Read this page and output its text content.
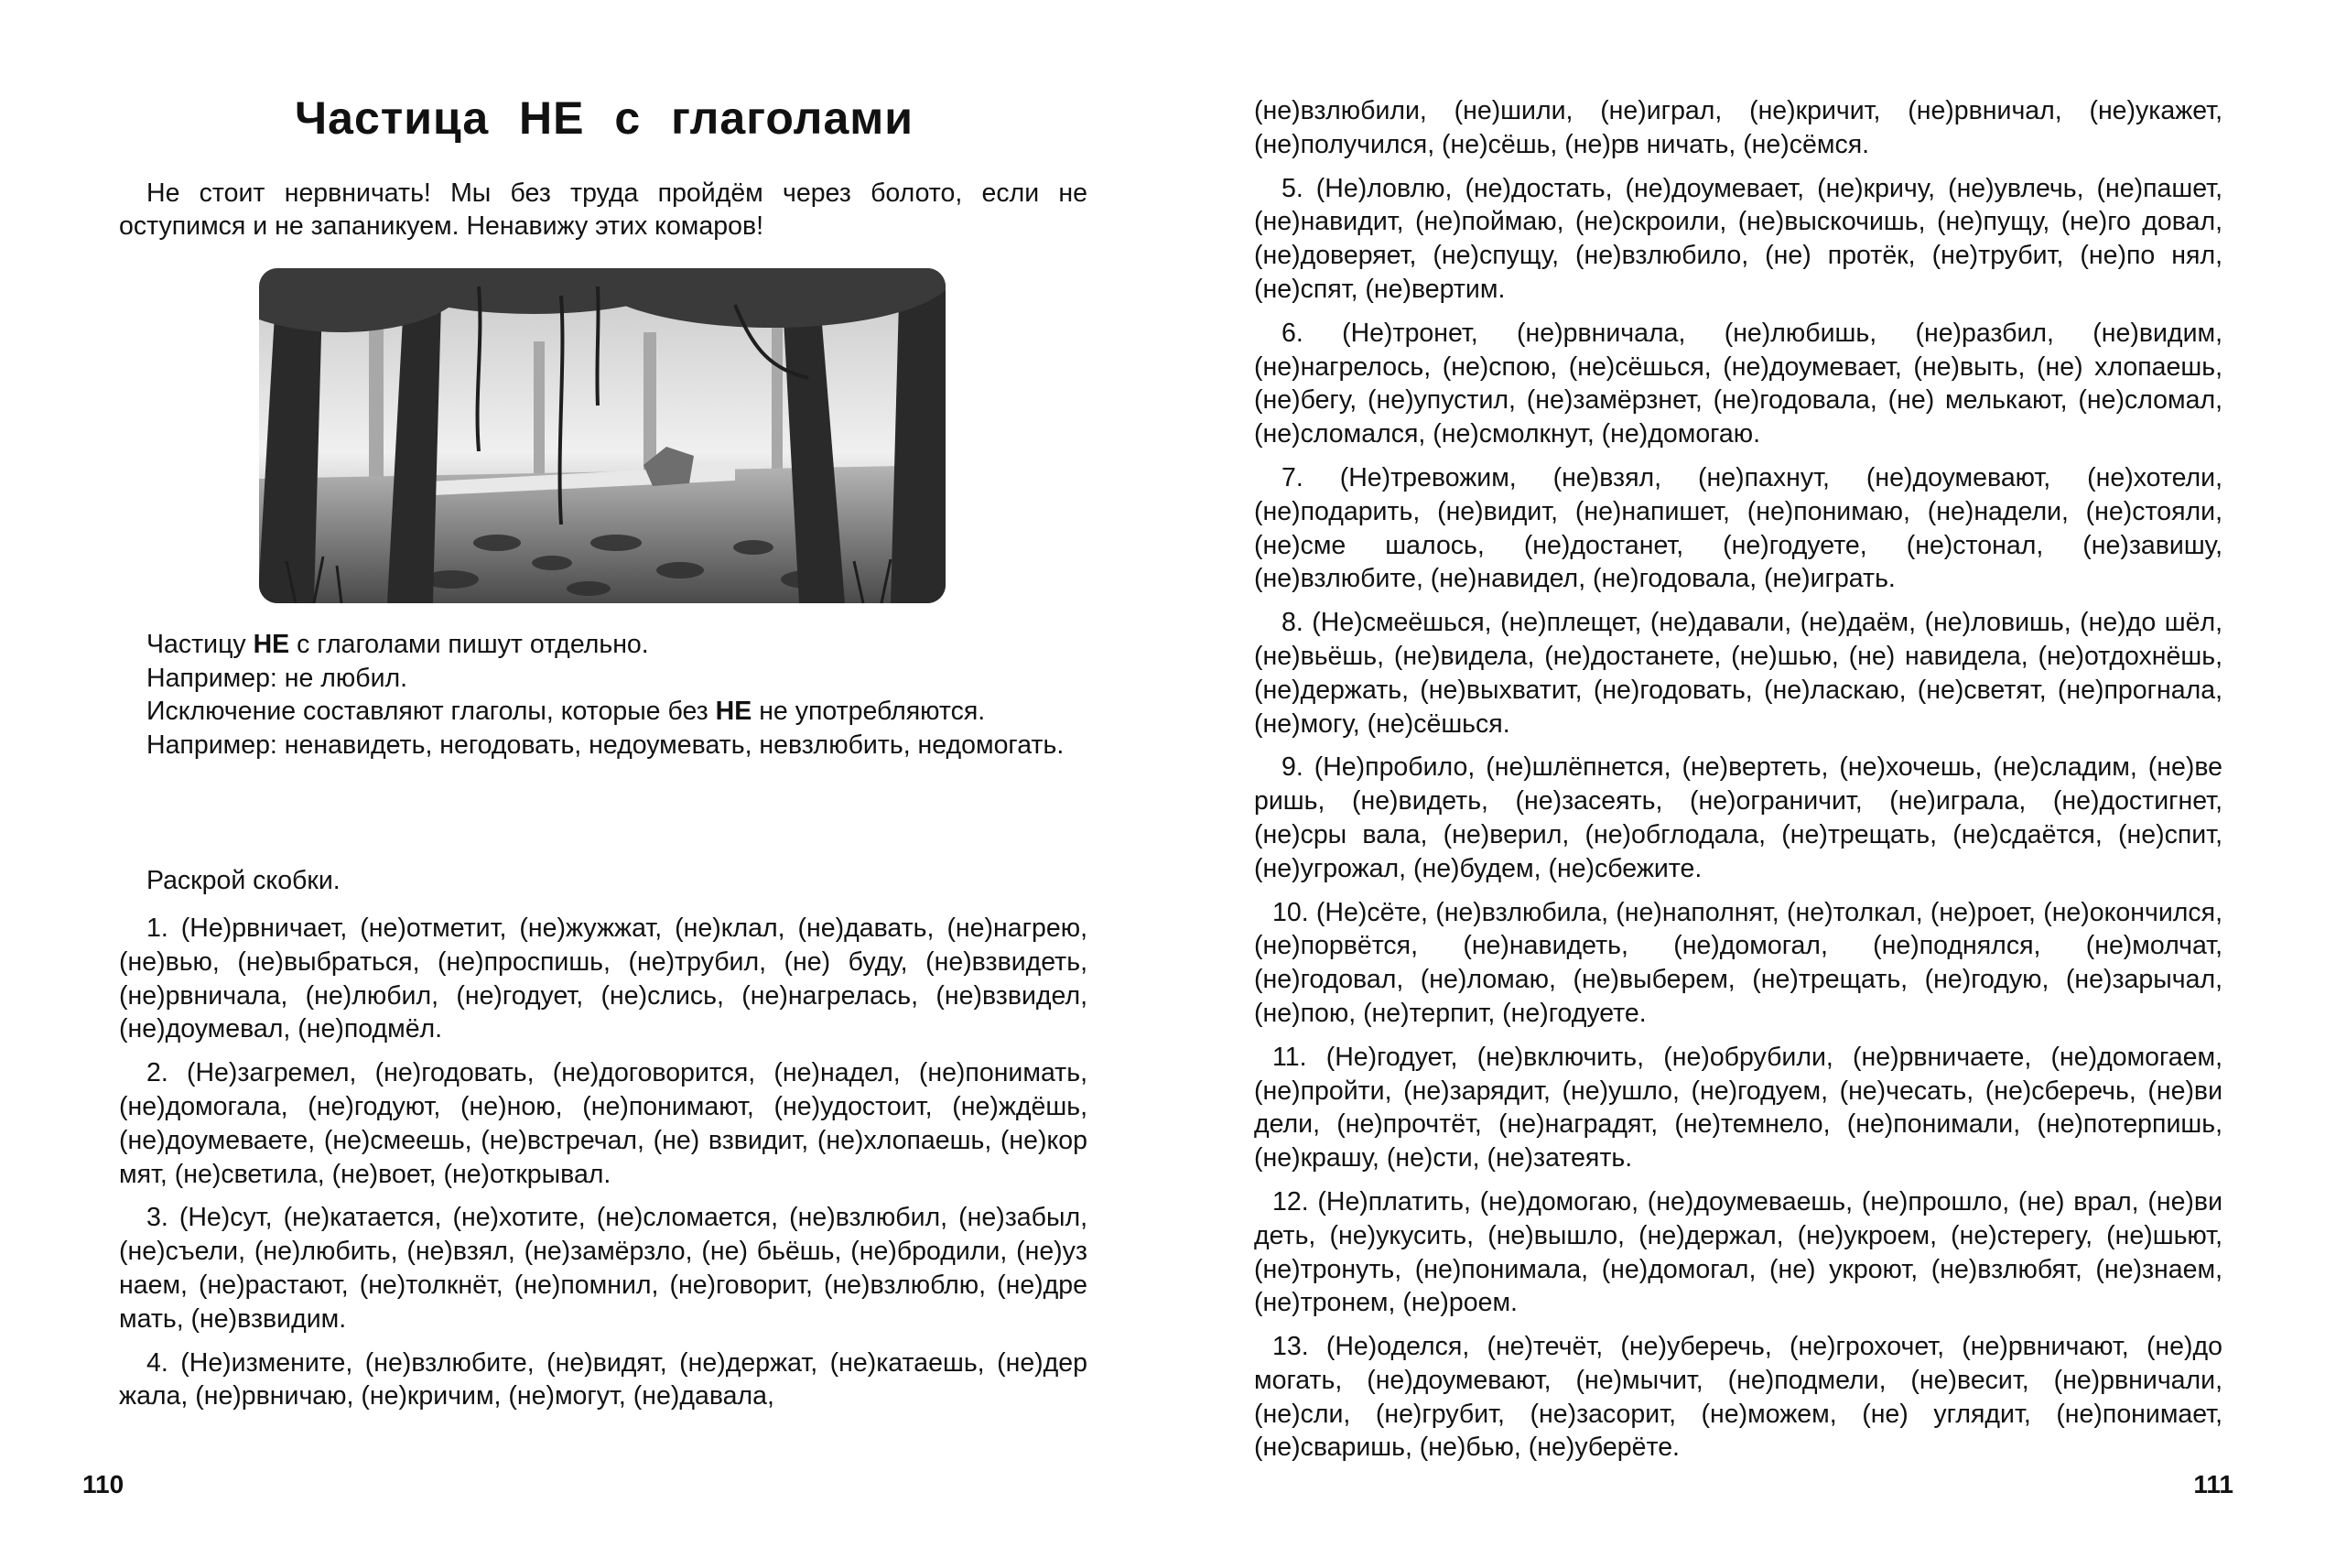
Частица НЕ с глаголами

Не стоит нервничать! Мы без труда пройдём через болото, если не оступимся и не запаникуем. Ненавижу этих комаров!

Частицу НЕ с глаголами пишут отдельно.

Например: не любил.

Исключение составляют глаголы, которые без НЕ не употребляются.

Например: ненавидеть, негодовать, недоумевать, невзлюбить, недомогать.

Раскрой скобки.

1. (Не)рвничает, (не)отметит, (не)жужжат, (не)клал, (не)давать, (не)нагрею, (не)вью, (не)выбраться, (не)проспишь, (не)трубил, (не) буду, (не)взвидеть, (не)рвничала, (не)любил, (не)годует, (не)слись, (не)нагрелась, (не)взвидел, (не)доумевал, (не)подмёл.

2. (Не)загремел, (не)годовать, (не)договорится, (не)надел, (не)понимать, (не)домогала, (не)годуют, (не)ною, (не)понимают, (не)удостоит, (не)ждёшь, (не)доумеваете, (не)смеешь, (не)встречал, (не) взвидит, (не)хлопаешь, (не)кор мят, (не)светила, (не)воет, (не)открывал.

3. (Не)сут, (не)катается, (не)хотите, (не)сломается, (не)взлюбил, (не)забыл, (не)съели, (не)любить, (не)взял, (не)замёрзло, (не) бьёшь, (не)бродили, (не)уз наем, (не)растают, (не)толкнёт, (не)помнил, (не)говорит, (не)взлюблю, (не)дре мать, (не)взвидим.

4. (Не)измените, (не)взлюбите, (не)видят, (не)держат, (не)катаешь, (не)дер жала, (не)рвничаю, (не)кричим, (не)могут, (не)давала,

110

(не)взлюбили, (не)шили, (не)играл, (не)кричит, (не)рвничал, (не)укажет, (не)получился, (не)сёшь, (не)рв ничать, (не)сёмся.

5. (Не)ловлю, (не)достать, (не)доумевает, (не)кричу, (не)увлечь, (не)пашет, (не)навидит, (не)поймаю, (не)скроили, (не)выскочишь, (не)пущу, (не)го довал, (не)доверяет, (не)спущу, (не)взлюбило, (не) протёк, (не)трубит, (не)по нял, (не)спят, (не)вертим.

6. (Не)тронет, (не)рвничала, (не)любишь, (не)разбил, (не)видим, (не)нагрелось, (не)спою, (не)сёшься, (не)доумевает, (не)выть, (не) хлопаешь, (не)бегу, (не)упустил, (не)замёрзнет, (не)годовала, (не) мелькают, (не)сломал, (не)сломался, (не)смолкнут, (не)домогаю.

7. (Не)тревожим, (не)взял, (не)пахнут, (не)доумевают, (не)хотели, (не)подарить, (не)видит, (не)напишет, (не)понимаю, (не)надели, (не)стояли, (не)сме шалось, (не)достанет, (не)годуете, (не)стонал, (не)завишу, (не)взлюбите, (не)навидел, (не)годовала, (не)играть.

8. (Не)смеёшься, (не)плещет, (не)давали, (не)даём, (не)ловишь, (не)до шёл, (не)вьёшь, (не)видела, (не)достанете, (не)шью, (не) навидела, (не)отдохнёшь, (не)держать, (не)выхватит, (не)годовать, (не)ласкаю, (не)светят, (не)прогнала, (не)могу, (не)сёшься.

9. (Не)пробило, (не)шлёпнется, (не)вертеть, (не)хочешь, (не)сладим, (не)ве ришь, (не)видеть, (не)засеять, (не)ограничит, (не)играла, (не)достигнет, (не)сры вала, (не)верил, (не)обглодала, (не)трещать, (не)сдаётся, (не)спит, (не)угрожал, (не)будем, (не)сбежите.

10. (Не)сёте, (не)взлюбила, (не)наполнят, (не)толкал, (не)роет, (не)окончился, (не)порвётся, (не)навидеть, (не)домогал, (не)поднялся, (не)молчат, (не)годовал, (не)ломаю, (не)выберем, (не)трещать, (не)годую, (не)зарычал, (не)пою, (не)терпит, (не)годуете.

11. (Не)годует, (не)включить, (не)обрубили, (не)рвничаете, (не)домогаем, (не)пройти, (не)зарядит, (не)ушло, (не)годуем, (не)чесать, (не)сберечь, (не)ви дели, (не)прочтёт, (не)наградят, (не)темнело, (не)понимали, (не)потерпишь, (не)крашу, (не)сти, (не)затеять.

12. (Не)платить, (не)домогаю, (не)доумеваешь, (не)прошло, (не) врал, (не)ви деть, (не)укусить, (не)вышло, (не)держал, (не)укроем, (не)стерегу, (не)шьют, (не)тронуть, (не)понимала, (не)домогал, (не) укроют, (не)взлюбят, (не)знаем, (не)тронем, (не)роем.

13. (Не)оделся, (не)течёт, (не)уберечь, (не)грохочет, (не)рвничают, (не)до могать, (не)доумевают, (не)мычит, (не)подмели, (не)весит, (не)рвничали, (не)сли, (не)грубит, (не)засорит, (не)можем, (не) углядит, (не)понимает, (не)сваришь, (не)бью, (не)уберёте.

111
